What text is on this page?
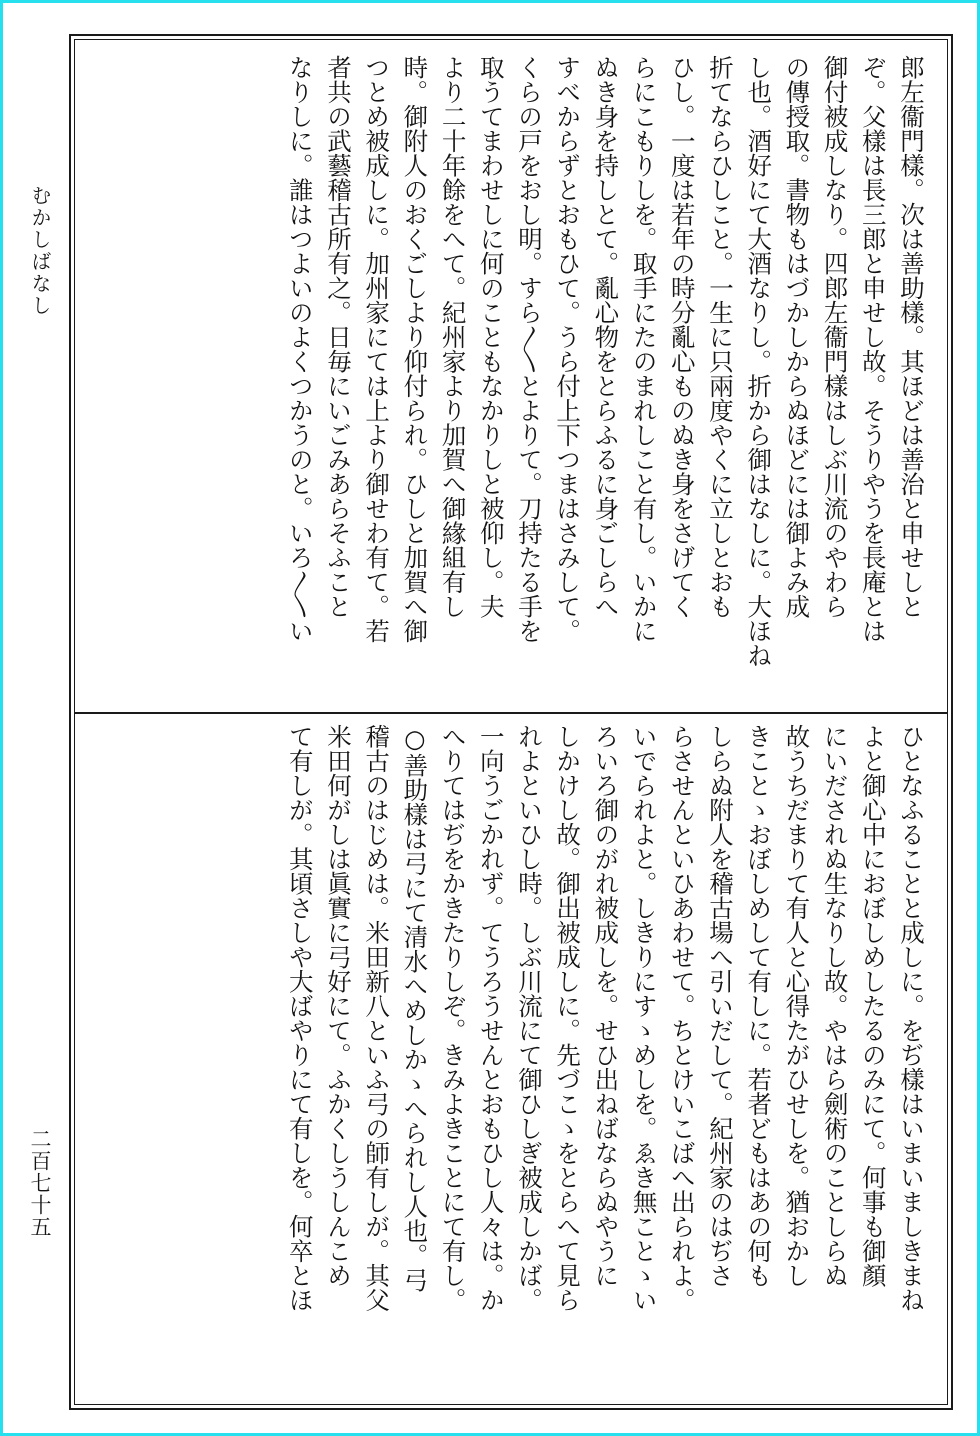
むかしばなし
二百七十五
郎左衞門樣。次は善助樣。其ほどは善治と申せしと
ぞ。父樣は長三郎と申せし故。そうりやうを長庵とは
御付被成しなり。四郎左衞門樣はしぶ川流のやわら
の傳授取。書物もはづかしからぬほどには御よみ成
し也。酒好にて大酒なりし。折から御はなしに。大ほね
折てならひしこと。一生に只兩度やくに立しとおも
ひし。一度は若年の時分亂心ものぬき身をさげてく
らにこもりしを。取手にたのまれしこと有し。いかに
ぬき身を持しとて。亂心物をとらふるに身ごしらへ
すべからずとおもひて。うら付上下つまはさみして。
くらの戸をおし明。すら〳〵とよりて。刀持たる手を
取うてまわせしに何のこともなかりしと被仰し。夫
より二十年餘をへて。紀州家より加賀へ御緣組有し
時。御附人のおくごしより仰付られ。ひしと加賀へ御
つとめ被成しに。加州家にては上より御せわ有て。若
者共の武藝稽古所有之。日毎にいごみあらそふこと
なりしに。誰はつよいのよくつかうのと。いろ〳〵い
ひとなふることと成しに。をぢ樣はいまいましきまね
よと御心中におぼしめしたるのみにて。何事も御顏
にいだされぬ生なりし故。やはら劍術のことしらぬ
故うちだまりて有人と心得たがひせしを。猶おかし
きことゝおぼしめして有しに。若者どもはあの何も
しらぬ附人を稽古場へ引いだして。紀州家のはぢさ
らさせんといひあわせて。ちとけいこばへ出られよ。
いでられよと。しきりにすゝめしを。ゑき無ことゝい
ろいろ御のがれ被成しを。せひ出ねばならぬやうに
しかけし故。御出被成しに。先づこゝをとらへて見ら
れよといひし時。しぶ川流にて御ひしぎ被成しかば。
一向うごかれず。てうろうせんとおもひし人々は。か
へりてはぢをかきたりしぞ。きみよきことにて有し。
○善助樣は弓にて清水へめしかゝへられし人也。弓
稽古のはじめは。米田新八といふ弓の師有しが。其父
米田何がしは眞實に弓好にて。ふかくしうしんこめ
て有しが。其頃さしや大ばやりにて有しを。何卒とほ
